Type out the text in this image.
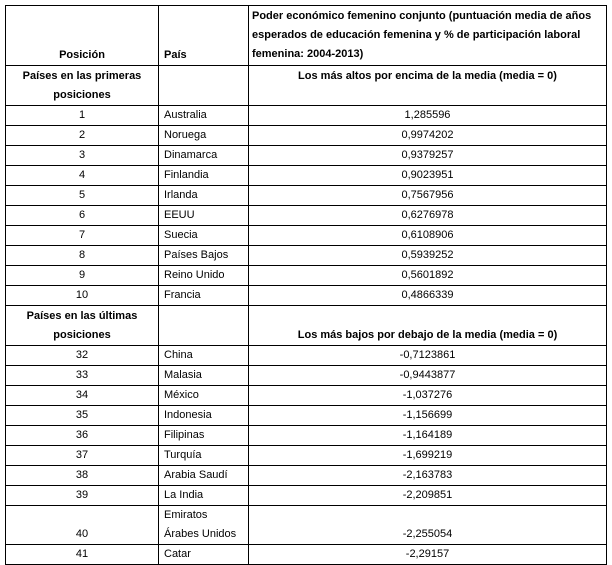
Posición	País	Poder económico femenino conjunto (puntuación media de años esperados de educación femenina y % de participación laboral femenina: 2004-2013)
Países en las primeras posiciones		Los más altos por encima de la media (media = 0)
1	Australia	1,285596
2	Noruega	0,9974202
3	Dinamarca	0,9379257
4	Finlandia	0,9023951
5	Irlanda	0,7567956
6	EEUU	0,6276978
7	Suecia	0,6108906
8	Países Bajos	0,5939252
9	Reino Unido	0,5601892
10	Francia	0,4866339
Países en las últimas posiciones		Los más bajos por debajo de la media (media = 0)
32	China	-0,7123861
33	Malasia	-0,9443877
34	México	-1,037276
35	Indonesia	-1,156699
36	Filipinas	-1,164189
37	Turquía	-1,699219
38	Arabia Saudí	-2,163783
39	La India	-2,209851
40	Emiratos Árabes Unidos	-2,255054
41	Catar	-2,29157
